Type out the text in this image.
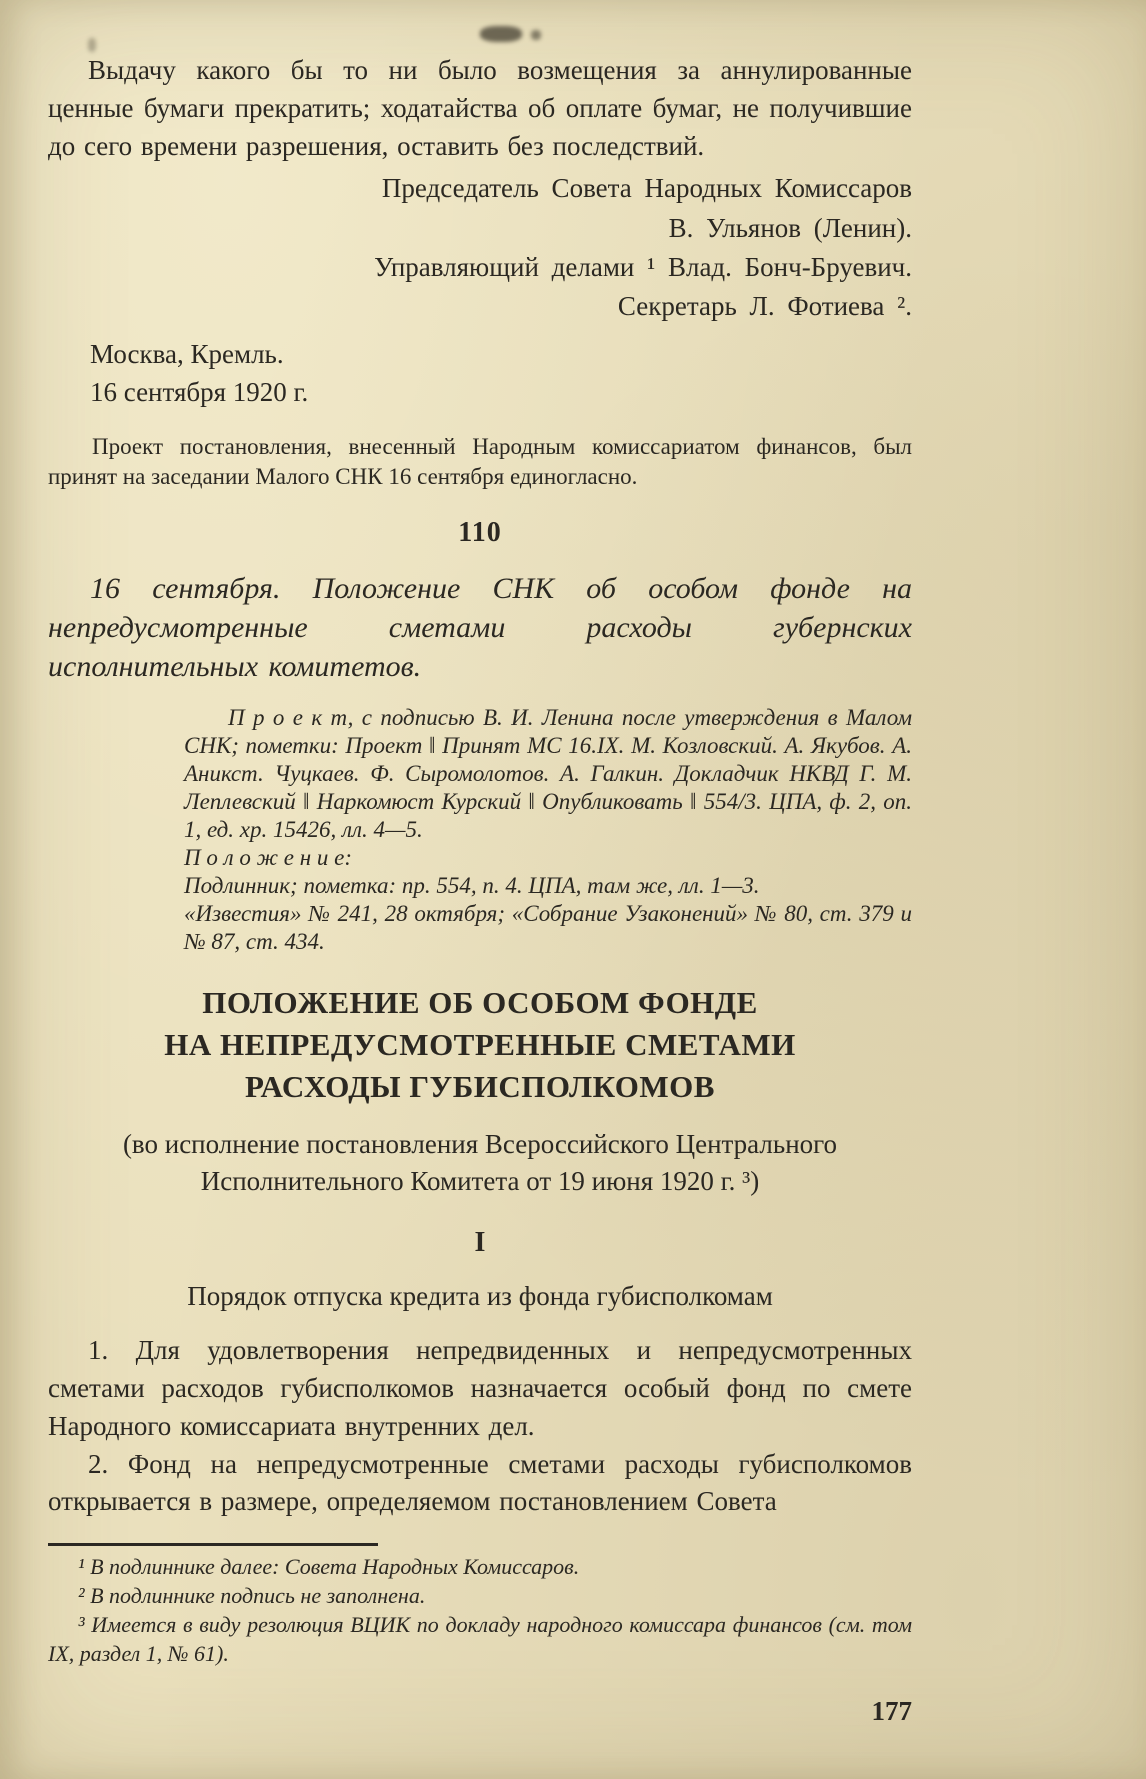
Выдачу какого бы то ни было возмещения за аннулированные ценные бумаги прекратить; ходатайства об оплате бумаг, не получившие до сего времени разрешения, оставить без последствий.

Председатель Совета Народных Комиссаров

В. Ульянов (Ленин).

Управляющий делами ¹ Влад. Бонч-Бруевич.

Секретарь Л. Фотиева ².

Москва, Кремль.

16 сентября 1920 г.

Проект постановления, внесенный Народным комиссариатом финансов, был принят на заседании Малого СНК 16 сентября единогласно.

110

16 сентября. Положение СНК об особом фонде на непредусмотренные сметами расходы губернских исполнительных комитетов.

П р о е к т, с подписью В. И. Ленина после утверждения в Малом СНК; пометки: Проект ‖ Принят МС 16.IX. М. Козловский. А. Якубов. А. Аникст. Чуцкаев. Ф. Сыромолотов. А. Галкин. Докладчик НКВД Г. М. Леплевский ‖ Наркомюст Курский ‖ Опубликовать ‖ 554/3. ЦПА, ф. 2, оп. 1, ед. хр. 15426, лл. 4—5.

П о л о ж е н и е:

Подлинник; пометка: пр. 554, п. 4. ЦПА, там же, лл. 1—3.

«Известия» № 241, 28 октября; «Собрание Узаконений» № 80, ст. 379 и № 87, ст. 434.

ПОЛОЖЕНИЕ ОБ ОСОБОМ ФОНДЕ
НА НЕПРЕДУСМОТРЕННЫЕ СМЕТАМИ
РАСХОДЫ ГУБИСПОЛКОМОВ

(во исполнение постановления Всероссийского Центрального Исполнительного Комитета от 19 июня 1920 г. ³)

I

Порядок отпуска кредита из фонда губисполкомам

1. Для удовлетворения непредвиденных и непредусмотренных сметами расходов губисполкомов назначается особый фонд по смете Народного комиссариата внутренних дел.

2. Фонд на непредусмотренные сметами расходы губисполкомов открывается в размере, определяемом постановлением Совета

¹ В подлиннике далее: Совета Народных Комиссаров.

² В подлиннике подпись не заполнена.

³ Имеется в виду резолюция ВЦИК по докладу народного комиссара финансов (см. том IX, раздел 1, № 61).

177
